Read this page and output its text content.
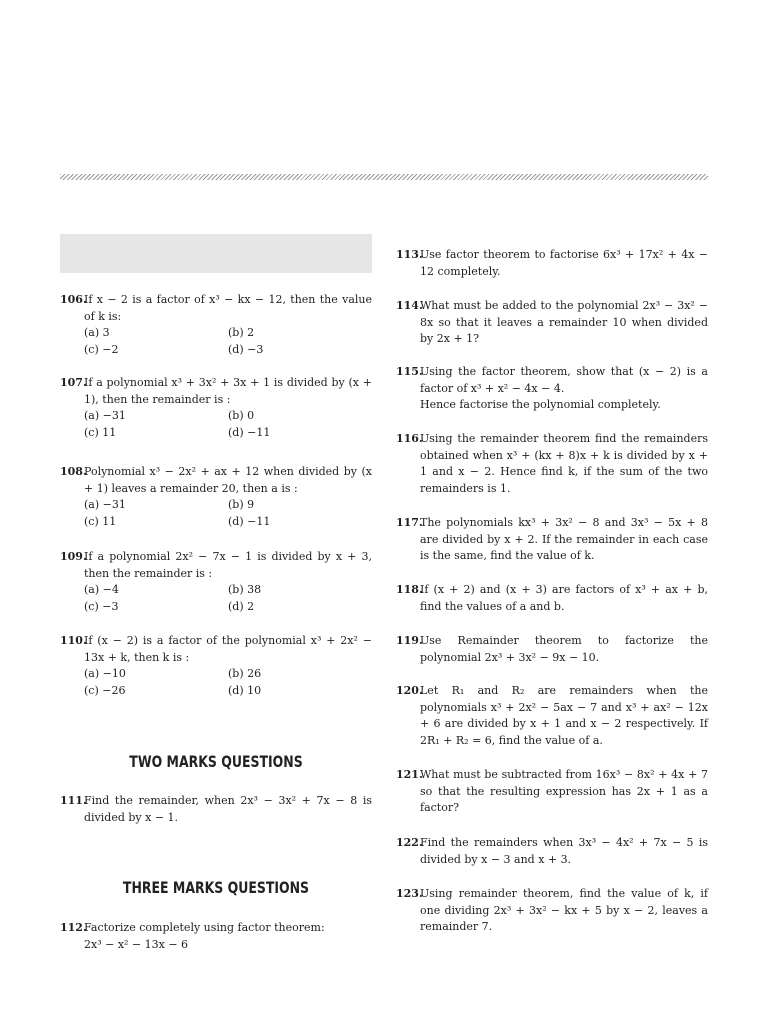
106.
If x − 2 is a factor of x³ − kx − 12, then the value of k is:
(a) 3	(b) 2
(c) −2	(d) −3
107.
If a polynomial x³ + 3x² + 3x + 1 is divided by (x + 1), then the remainder is :
(a) −31	(b) 0
(c) 11	(d) −11
108.
Polynomial x³ − 2x² + ax + 12 when divided by (x + 1) leaves a remainder 20, then a is :
(a) −31	(b) 9
(c) 11	(d) −11
109.
If a polynomial 2x² − 7x − 1 is divided by x + 3, then the remainder is :
(a) −4	(b) 38
(c) −3	(d) 2
110.
If (x − 2) is a factor of the polynomial x³ + 2x² − 13x + k, then k is :
(a) −10	(b) 26
(c) −26	(d) 10
TWO MARKS QUESTIONS
111.
Find the remainder, when 2x³ − 3x² + 7x − 8 is divided by x − 1.
THREE MARKS QUESTIONS
112.
Factorize completely using factor theorem:
2x³ − x² − 13x − 6
113.
Use factor theorem to factorise 6x³ + 17x² + 4x − 12 completely.
114.
What must be added to the polynomial 2x³ − 3x² − 8x so that it leaves a remainder 10 when divided by 2x + 1?
115.
Using the factor theorem, show that (x − 2) is a factor of x³ + x² − 4x − 4.
Hence factorise the polynomial completely.
116.
Using the remainder theorem find the remainders obtained when x³ + (kx + 8)x + k is divided by x + 1 and x − 2. Hence find k, if the sum of the two remainders is 1.
117.
The polynomials kx³ + 3x² − 8 and 3x³ − 5x + 8 are divided by x + 2. If the remainder in each case is the same, find the value of k.
118.
If (x + 2) and (x + 3) are factors of x³ + ax + b, find the values of a and b.
119.
Use Remainder theorem to factorize the polynomial 2x³ + 3x² − 9x − 10.
120.
Let R₁ and R₂ are remainders when the polynomials x³ + 2x² − 5ax − 7 and x³ + ax² − 12x + 6 are divided by x + 1 and x − 2 respectively. If 2R₁ + R₂ = 6, find the value of a.
121.
What must be subtracted from 16x³ − 8x² + 4x + 7 so that the resulting expression has 2x + 1 as a factor?
122.
Find the remainders when 3x³ − 4x² + 7x − 5 is divided by x − 3 and x + 3.
123.
Using remainder theorem, find the value of k, if one dividing 2x³ + 3x² − kx + 5 by x − 2, leaves a remainder 7.
